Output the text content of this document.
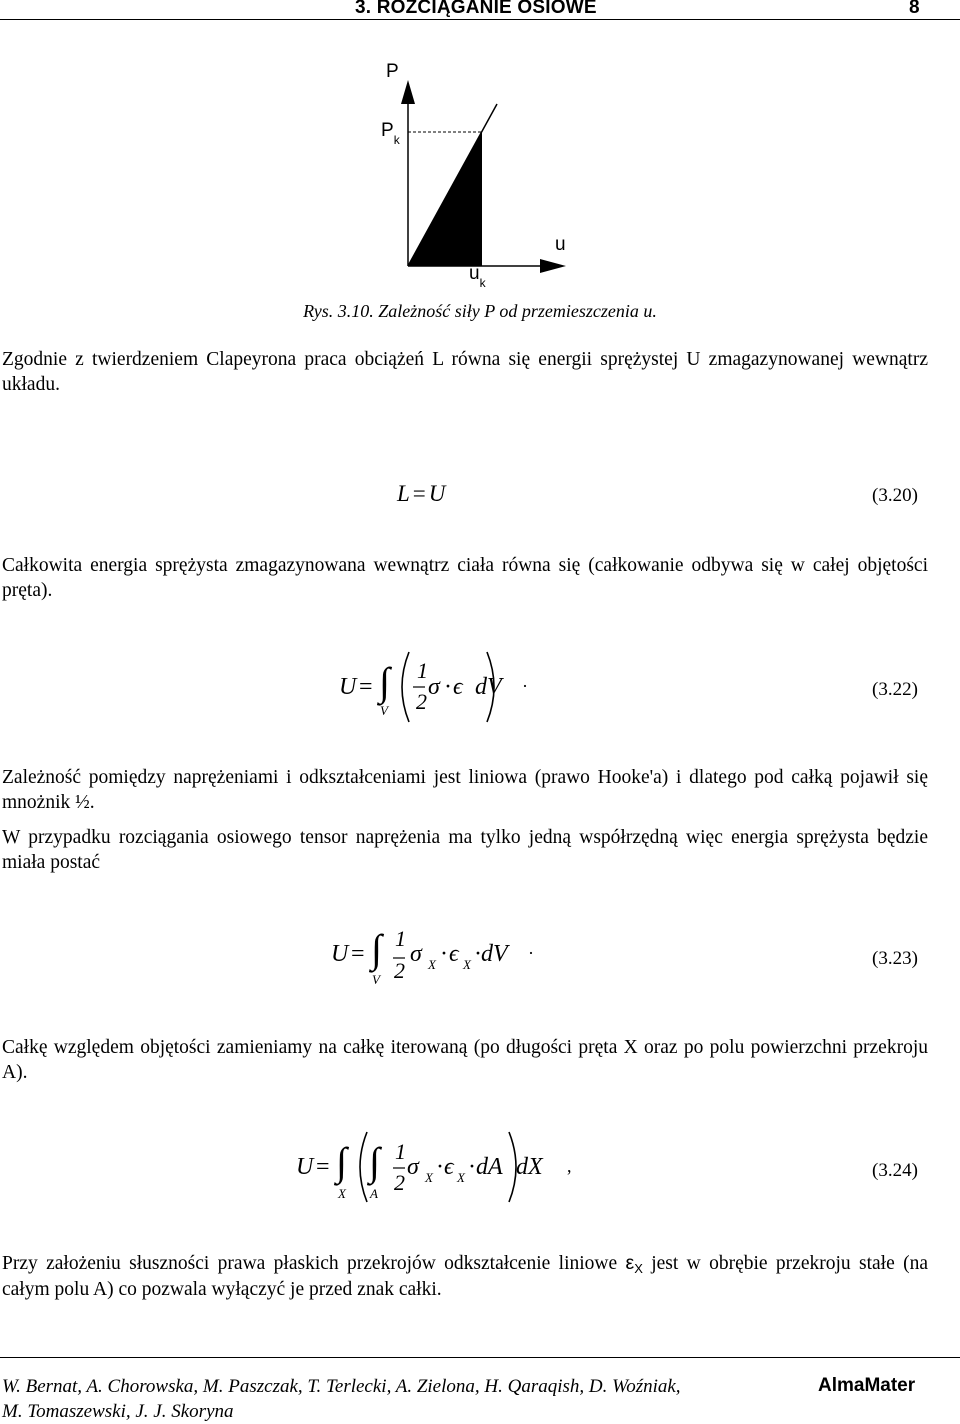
3. ROZCIĄGANIE OSIOWE	8
P
$P_k$
u
$u_k$
Rys. 3.10. Zależność siły P od przemieszczenia u.
Zgodnie z twierdzeniem Clapeyrona praca obciążeń L równa się energii sprężystej U zmagazynowanej wewnątrz układu.
L = U	(3.20)
Całkowita energia sprężysta zmagazynowana wewnątrz ciała równa się (całkowanie odbywa się w całej objętości pręta).
U = ∫
V
1
2
σ · ϵ dV ·	(3.22)
Zależność pomiędzy naprężeniami i odkształceniami jest liniowa (prawo Hooke'a) i dlatego pod całką pojawił się mnożnik ½.
W przypadku rozciągania osiowego tensor naprężenia ma tylko jedną współrzędną więc energia sprężysta będzie miała postać
U = ∫
V
1
2
σ X · ϵ X · dV ·	(3.23)
Całkę względem objętości zamieniamy na całkę iterowaną (po długości pręta X oraz po polu powierzchni przekroju A).
U = ∫
X
∫
A
1
2
σ X · ϵ X · dA dX ,	(3.24)
Przy założeniu słuszności prawa płaskich przekrojów odkształcenie liniowe $\varepsilon_X$ jest w obrębie przekroju stałe (na całym polu A) co pozwala wyłączyć je przed znak całki.
W. Bernat, A. Chorowska, M. Paszczak, T. Terlecki, A. Zielona, H. Qaraqish, D. Woźniak,
M. Tomaszewski, J. J. Skoryna
AlmaMater
